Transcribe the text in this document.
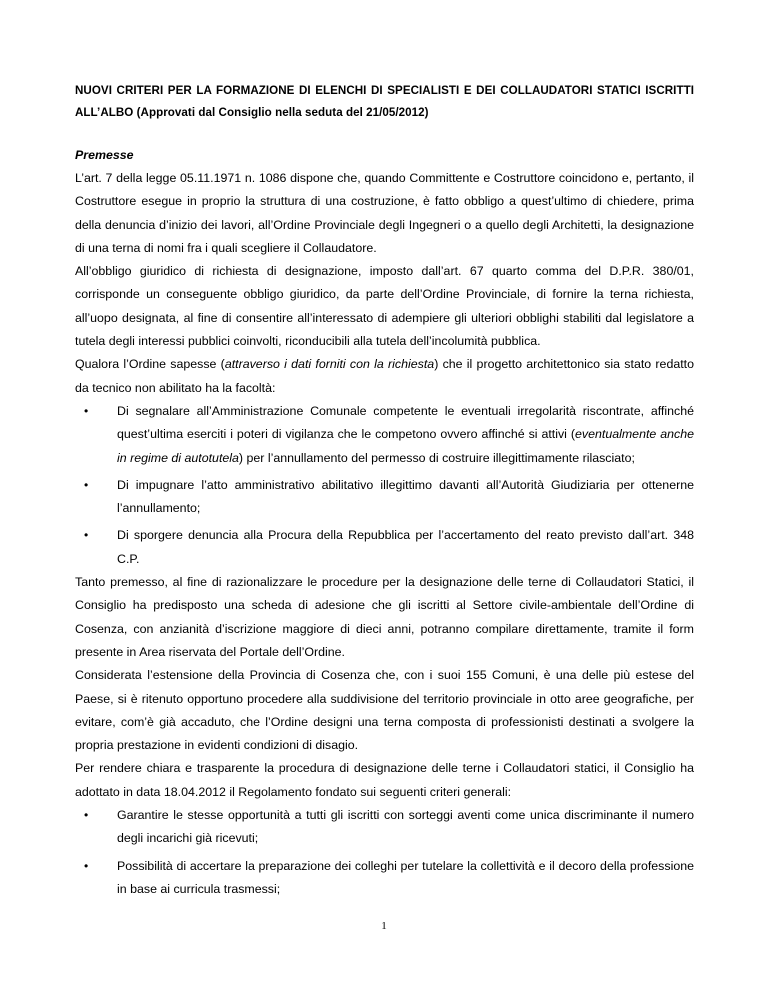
NUOVI CRITERI PER LA FORMAZIONE DI ELENCHI DI SPECIALISTI E DEI COLLAUDATORI STATICI ISCRITTI ALL’ALBO (Approvati dal Consiglio nella seduta del 21/05/2012)

Premesse

L’art. 7 della legge 05.11.1971 n. 1086 dispone che, quando Committente e Costruttore coincidono e, pertanto, il Costruttore esegue in proprio la struttura di una costruzione, è fatto obbligo a quest’ultimo di chiedere, prima della denuncia d’inizio dei lavori, all’Ordine Provinciale degli Ingegneri o a quello degli Architetti, la designazione di una terna di nomi fra i quali scegliere il Collaudatore.

All’obbligo giuridico di richiesta di designazione, imposto dall’art. 67 quarto comma del D.P.R. 380/01, corrisponde un conseguente obbligo giuridico, da parte dell’Ordine Provinciale, di fornire la terna richiesta, all’uopo designata, al fine di consentire all’interessato di adempiere gli ulteriori obblighi stabiliti dal legislatore a tutela degli interessi pubblici coinvolti, riconducibili alla tutela dell’incolumità pubblica.

Qualora l’Ordine sapesse (attraverso i dati forniti con la richiesta) che il progetto architettonico sia stato redatto da tecnico non abilitato ha la facoltà:

• Di segnalare all’Amministrazione Comunale competente le eventuali irregolarità riscontrate, affinché quest’ultima eserciti i poteri di vigilanza che le competono ovvero affinché si attivi (eventualmente anche in regime di autotutela) per l’annullamento del permesso di costruire illegittimamente rilasciato;
• Di impugnare l’atto amministrativo abilitativo illegittimo davanti all’Autorità Giudiziaria per ottenerne l’annullamento;
• Di sporgere denuncia alla Procura della Repubblica per l’accertamento del reato previsto dall’art. 348 C.P.

Tanto premesso, al fine di razionalizzare le procedure per la designazione delle terne di Collaudatori Statici, il Consiglio ha predisposto una scheda di adesione che gli iscritti al Settore civile-ambientale dell’Ordine di Cosenza, con anzianità d’iscrizione maggiore di dieci anni, potranno compilare direttamente, tramite il form presente in Area riservata del Portale dell’Ordine.

Considerata l’estensione della Provincia di Cosenza che, con i suoi 155 Comuni, è una delle più estese del Paese, si è ritenuto opportuno procedere alla suddivisione del territorio provinciale in otto aree geografiche, per evitare, com’è già accaduto, che l’Ordine designi una terna composta di professionisti destinati a svolgere la propria prestazione in evidenti condizioni di disagio.

Per rendere chiara e trasparente la procedura di designazione delle terne i Collaudatori statici, il Consiglio ha adottato in data 18.04.2012 il Regolamento fondato sui seguenti criteri generali:

• Garantire le stesse opportunità a tutti gli iscritti con sorteggi aventi come unica discriminante il numero degli incarichi già ricevuti;
• Possibilità di accertare la preparazione dei colleghi per tutelare la collettività e il decoro della professione in base ai curricula trasmessi;
1
